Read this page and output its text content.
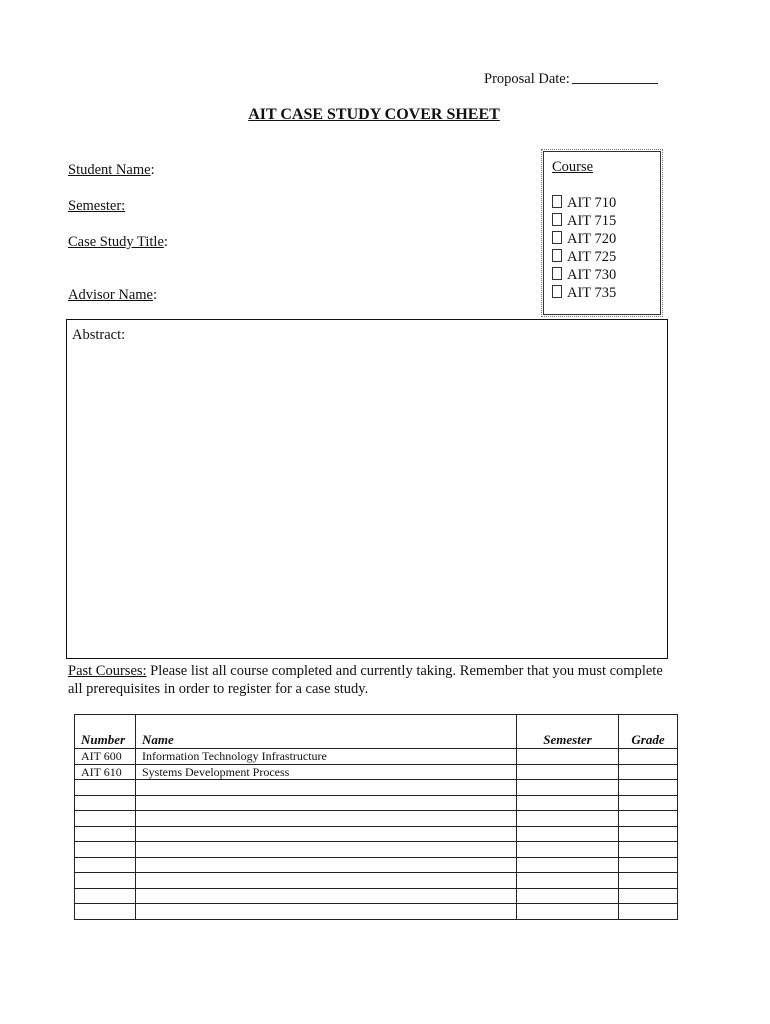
Proposal Date:
AIT CASE STUDY COVER SHEET
Student Name:
Semester:
Case Study Title:
Advisor Name:
Course
AIT 710
AIT 715
AIT 720
AIT 725
AIT 730
AIT 735
Abstract:
Past Courses: Please list all course completed and currently taking. Remember that you must complete all prerequisites in order to register for a case study.
Number	Name	Semester	Grade
AIT 600	Information Technology Infrastructure		
AIT 610	Systems Development Process		
